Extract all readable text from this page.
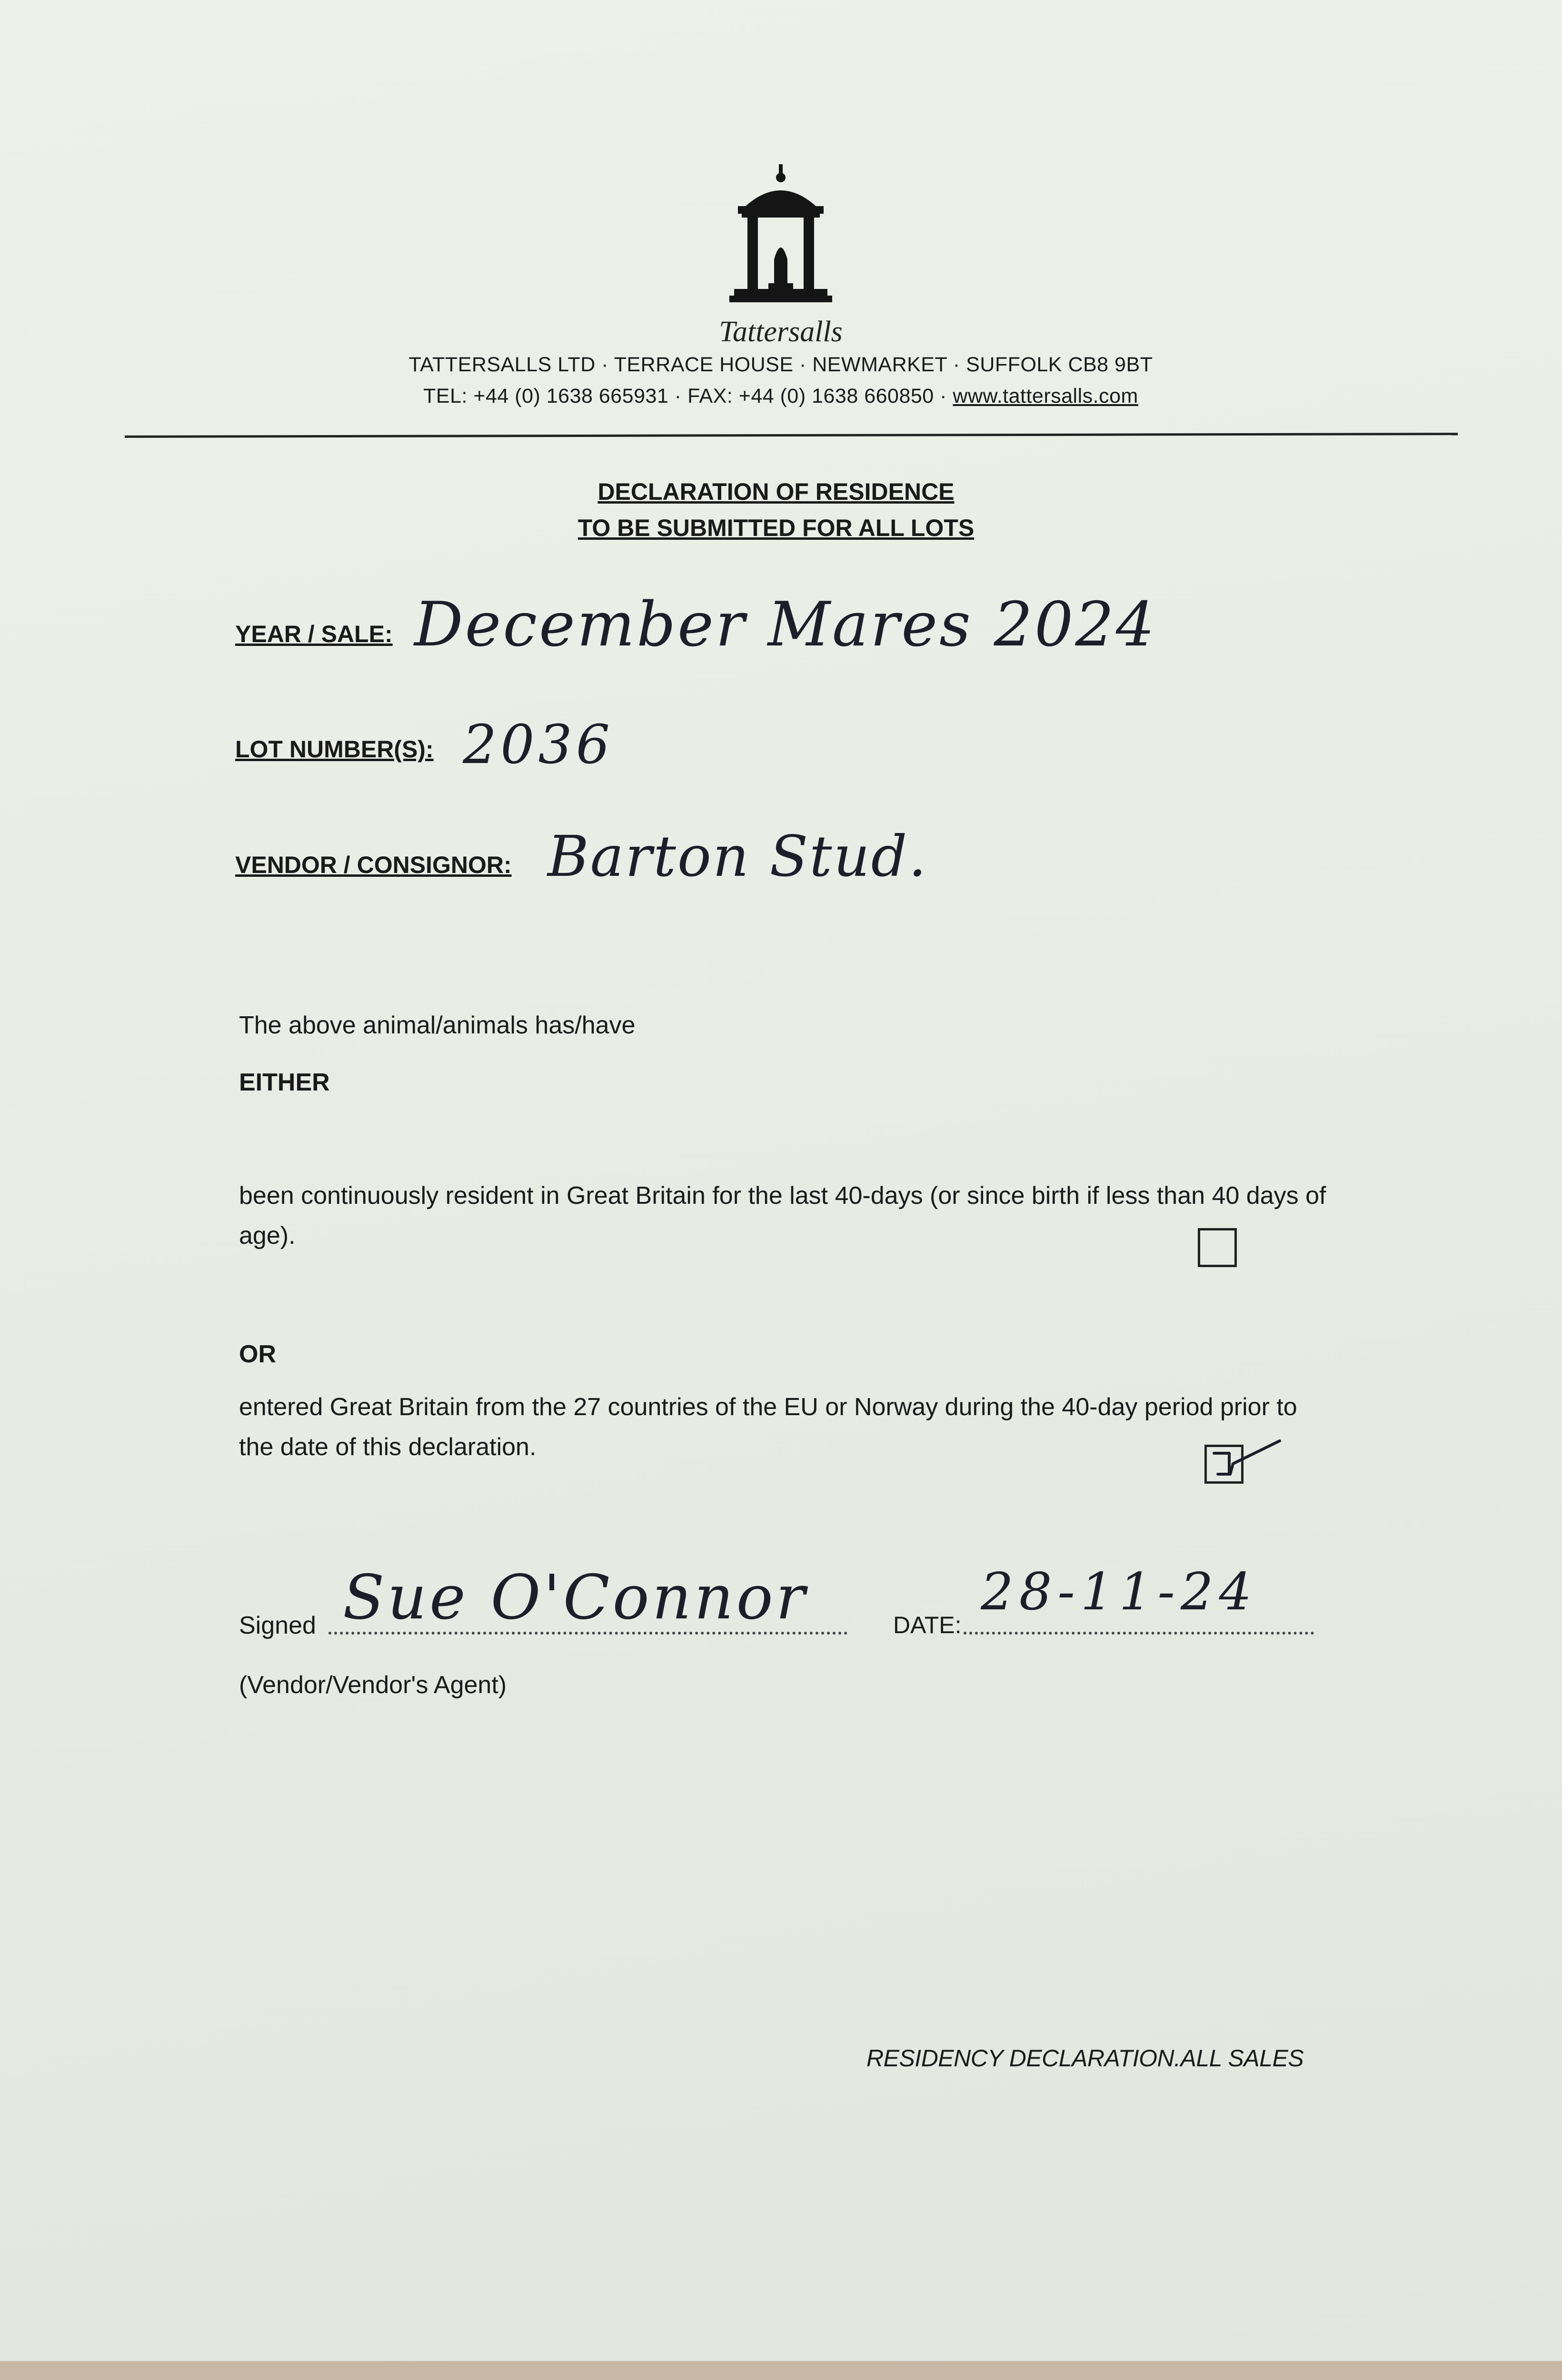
Tattersalls
TATTERSALLS LTD · TERRACE HOUSE · NEWMARKET · SUFFOLK CB8 9BT
TEL: +44 (0) 1638 665931 · FAX: +44 (0) 1638 660850 · www.tattersalls.com
DECLARATION OF RESIDENCE
TO BE SUBMITTED FOR ALL LOTS
YEAR / SALE: December Mares 2024
LOT NUMBER(S): 2036
VENDOR / CONSIGNOR: Barton Stud.
The above animal/animals has/have
EITHER
been continuously resident in Great Britain for the last 40-days (or since birth if less than 40 days of age).
OR
entered Great Britain from the 27 countries of the EU or Norway during the 40-day period prior to the date of this declaration.
Signed Sue O'Connor	DATE:
28-11-24
(Vendor/Vendor's Agent)
RESIDENCY DECLARATION.ALL SALES
